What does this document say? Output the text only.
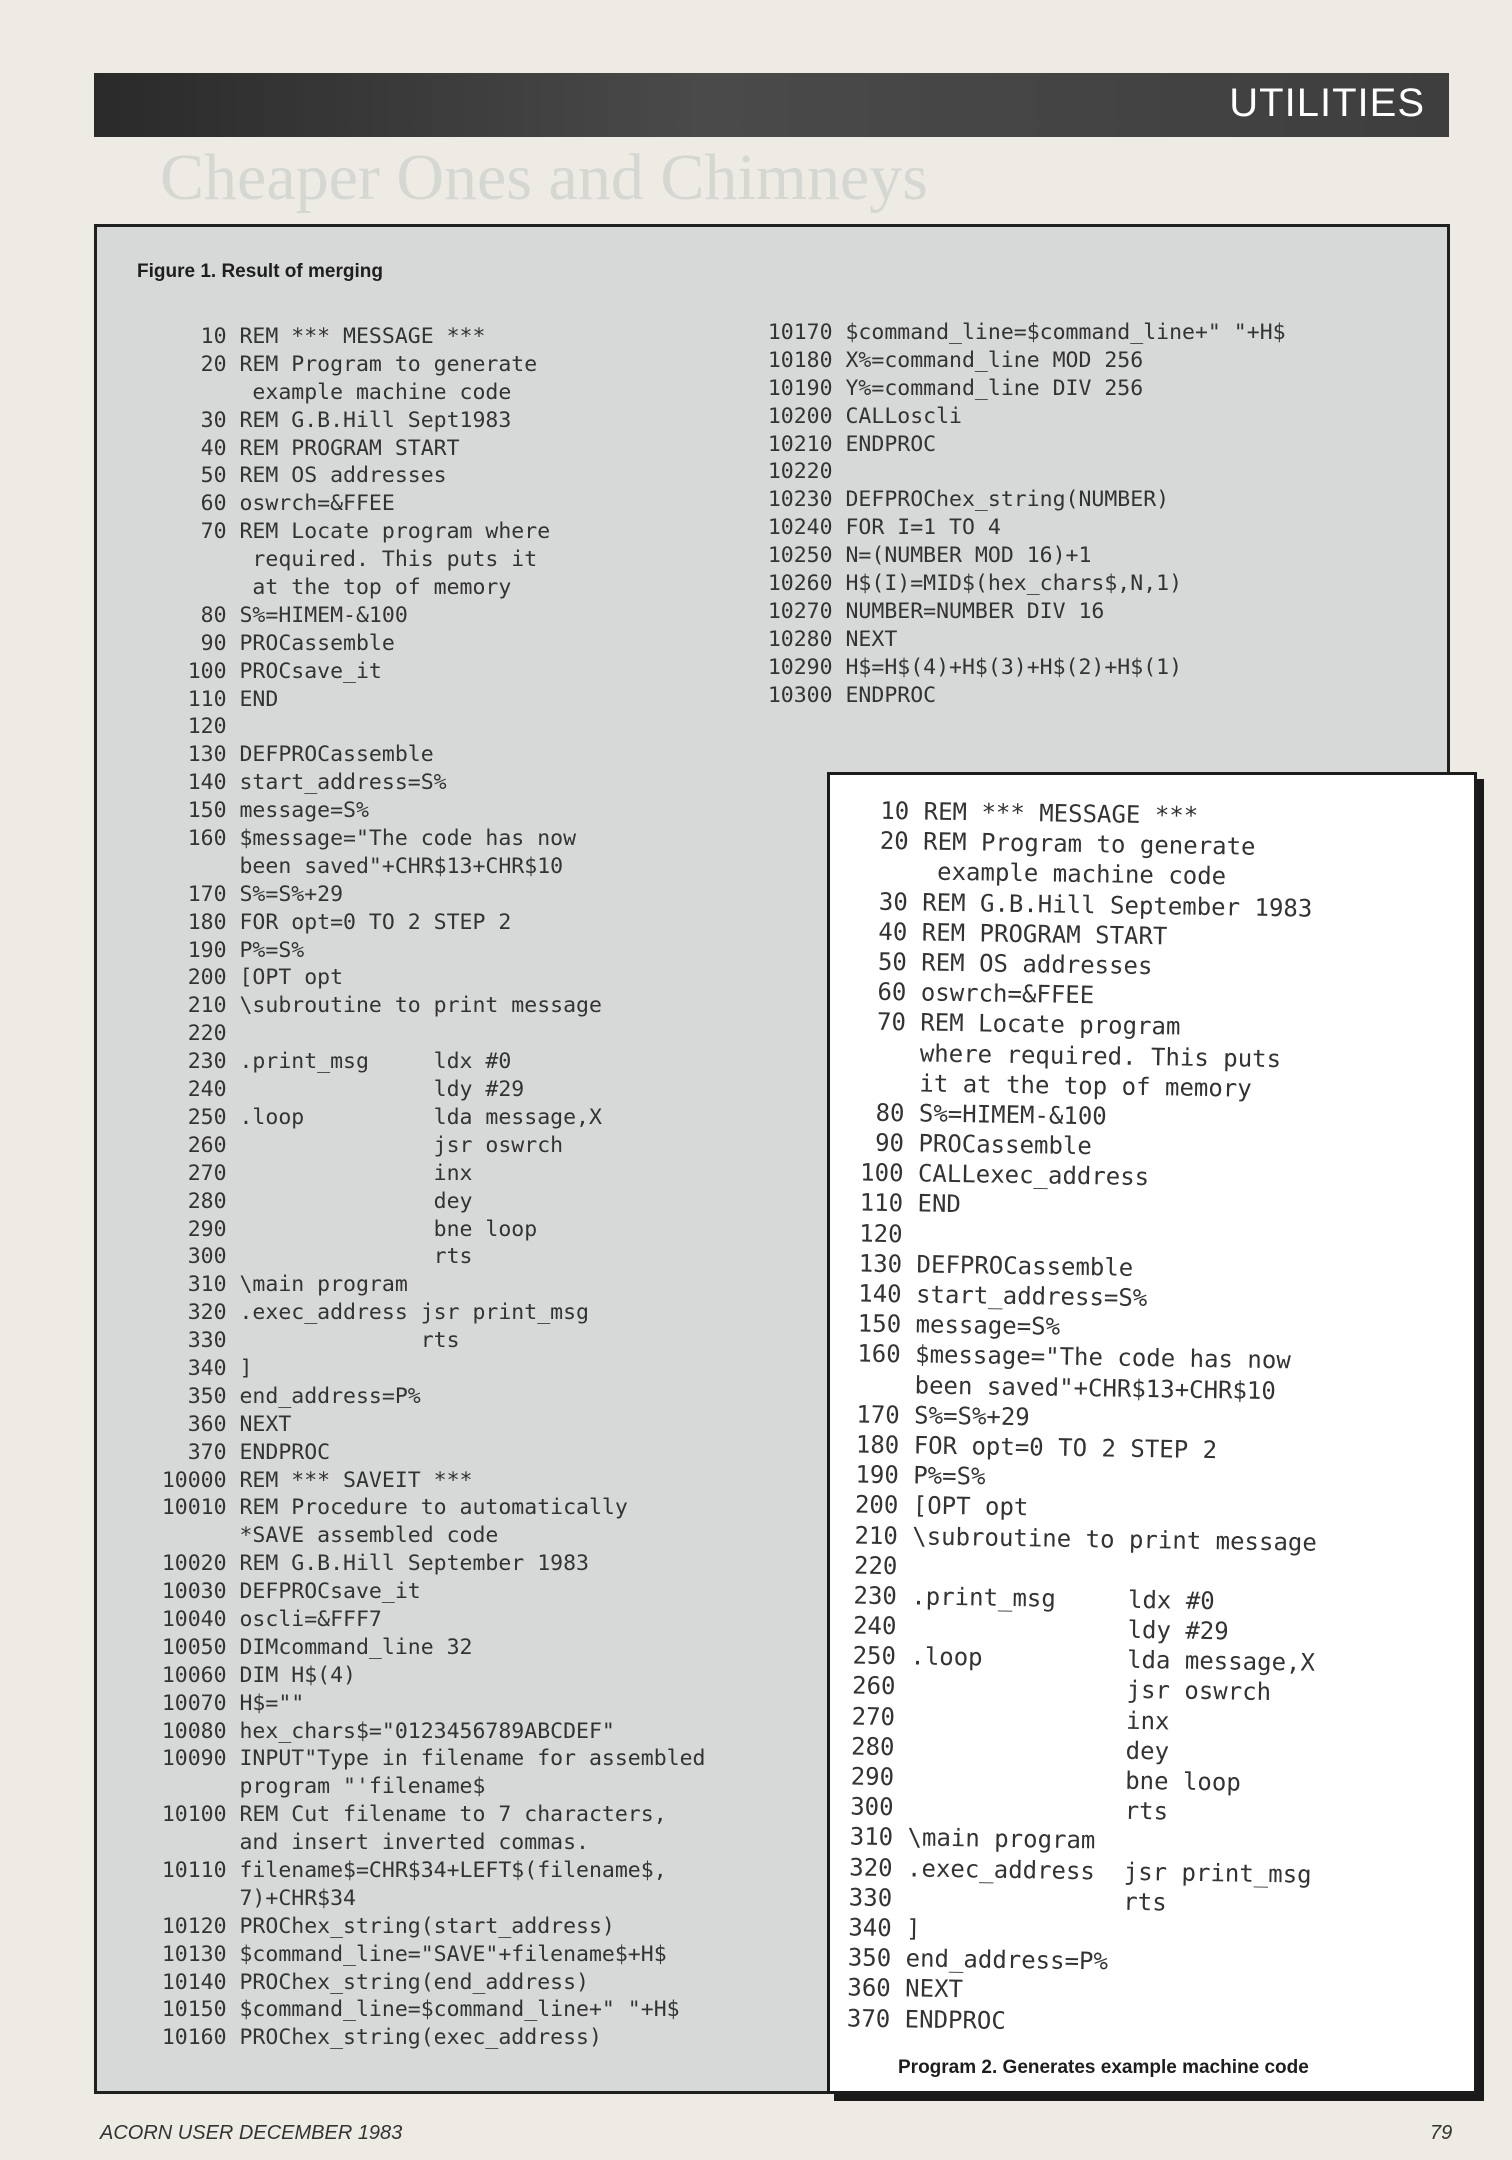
UTILITIES
Cheaper Ones and Chimneys
Figure 1. Result of merging
10 REM *** MESSAGE ***
20 REM Program to generate
example machine code
30 REM G.B.Hill Sept1983
40 REM PROGRAM START
50 REM OS addresses
60 oswrch=&FFEE
70 REM Locate program where
required. This puts it
at the top of memory
80 S%=HIMEM-&100
90 PROCassemble
100 PROCsave_it
110 END
120
130 DEFPROCassemble
140 start_address=S%
150 message=S%
160 $message="The code has now
been saved"+CHR$13+CHR$10
170 S%=S%+29
180 FOR opt=0 TO 2 STEP 2
190 P%=S%
200 [OPT opt
210 \subroutine to print message
220
230 .print_msg     ldx #0
240               ldy #29
250 .loop          lda message,X
260               jsr oswrch
270               inx
280               dey
290               bne loop
300               rts
310 \main program
320 .exec_address jsr print_msg
330              rts
340 ]
350 end_address=P%
360 NEXT
370 ENDPROC
10000 REM *** SAVEIT ***
10010 REM Procedure to automatically
*SAVE assembled code
10020 REM G.B.Hill September 1983
10030 DEFPROCsave_it
10040 oscli=&FFF7
10050 DIMcommand_line 32
10060 DIM H$(4)
10070 H$=""
10080 hex_chars$="0123456789ABCDEF"
10090 INPUT"Type in filename for assembled
program "'filename$
10100 REM Cut filename to 7 characters,
and insert inverted commas.
10110 filename$=CHR$34+LEFT$(filename$,
7)+CHR$34
10120 PROChex_string(start_address)
10130 $command_line="SAVE"+filename$+H$
10140 PROChex_string(end_address)
10150 $command_line=$command_line+" "+H$
10160 PROChex_string(exec_address)
10170 $command_line=$command_line+" "+H$
10180 X%=command_line MOD 256
10190 Y%=command_line DIV 256
10200 CALLoscli
10210 ENDPROC
10220
10230 DEFPROChex_string(NUMBER)
10240 FOR I=1 TO 4
10250 N=(NUMBER MOD 16)+1
10260 H$(I)=MID$(hex_chars$,N,1)
10270 NUMBER=NUMBER DIV 16
10280 NEXT
10290 H$=H$(4)+H$(3)+H$(2)+H$(1)
10300 ENDPROC
10 REM *** MESSAGE ***
20 REM Program to generate
example machine code
30 REM G.B.Hill September 1983
40 REM PROGRAM START
50 REM OS addresses
60 oswrch=&FFEE
70 REM Locate program
where required. This puts
it at the top of memory
80 S%=HIMEM-&100
90 PROCassemble
100 CALLexec_address
110 END
120
130 DEFPROCassemble
140 start_address=S%
150 message=S%
160 $message="The code has now
been saved"+CHR$13+CHR$10
170 S%=S%+29
180 FOR opt=0 TO 2 STEP 2
190 P%=S%
200 [OPT opt
210 \subroutine to print message
220
230 .print_msg     ldx #0
240               ldy #29
250 .loop          lda message,X
260               jsr oswrch
270               inx
280               dey
290               bne loop
300               rts
310 \main program
320 .exec_address  jsr print_msg
330               rts
340 ]
350 end_address=P%
360 NEXT
370 ENDPROC
Program 2. Generates example machine code
ACORN USER DECEMBER 1983	79
